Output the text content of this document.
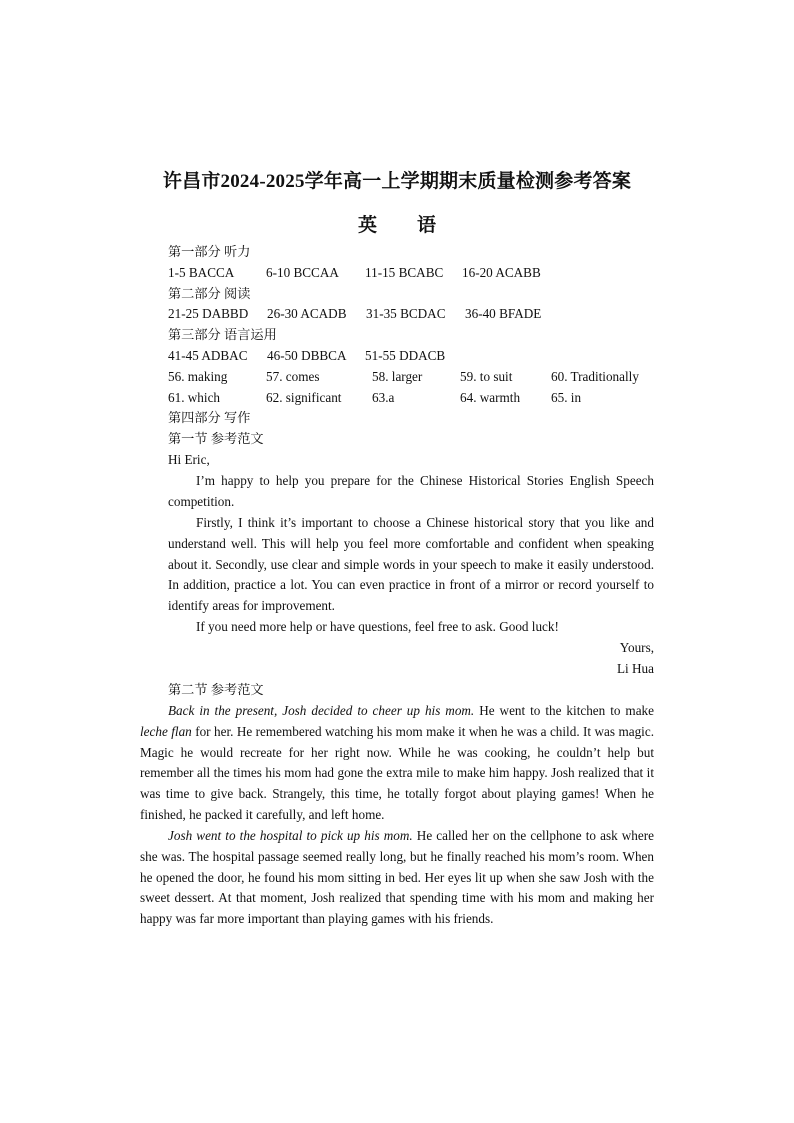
许昌市2024-2025学年高一上学期期末质量检测参考答案
英 语
第一部分 听力
1-5 BACCA 6-10 BCCAA 11-15 BCABC 16-20 ACABB
第二部分 阅读
21-25 DABBD 26-30 ACADB 31-35 BCDAC 36-40 BFADE
第三部分 语言运用
41-45 ADBAC 46-50 DBBCA 51-55 DDACB
56. making	57. comes	58. larger	59. to suit	60. Traditionally
61. which	62. significant 63.a	64. warmth 65. in
第四部分 写作
第一节 参考范文
Hi Eric,
I’m happy to help you prepare for the Chinese Historical Stories English Speech competition.
Firstly, I think it’s important to choose a Chinese historical story that you like and understand well. This will help you feel more comfortable and confident when speaking about it. Secondly, use clear and simple words in your speech to make it easily understood. In addition, practice a lot. You can even practice in front of a mirror or record yourself to identify areas for improvement.
If you need more help or have questions, feel free to ask. Good luck!
Yours,
Li Hua
第二节 参考范文
Back in the present, Josh decided to cheer up his mom. He went to the kitchen to make leche flan for her. He remembered watching his mom make it when he was a child. It was magic. Magic he would recreate for her right now. While he was cooking, he couldn’t help but remember all the times his mom had gone the extra mile to make him happy. Josh realized that it was time to give back. Strangely, this time, he totally forgot about playing games! When he finished, he packed it carefully, and left home.
Josh went to the hospital to pick up his mom. He called her on the cellphone to ask where she was. The hospital passage seemed really long, but he finally reached his mom’s room. When he opened the door, he found his mom sitting in bed. Her eyes lit up when she saw Josh with the sweet dessert. At that moment, Josh realized that spending time with his mom and making her happy was far more important than playing games with his friends.
